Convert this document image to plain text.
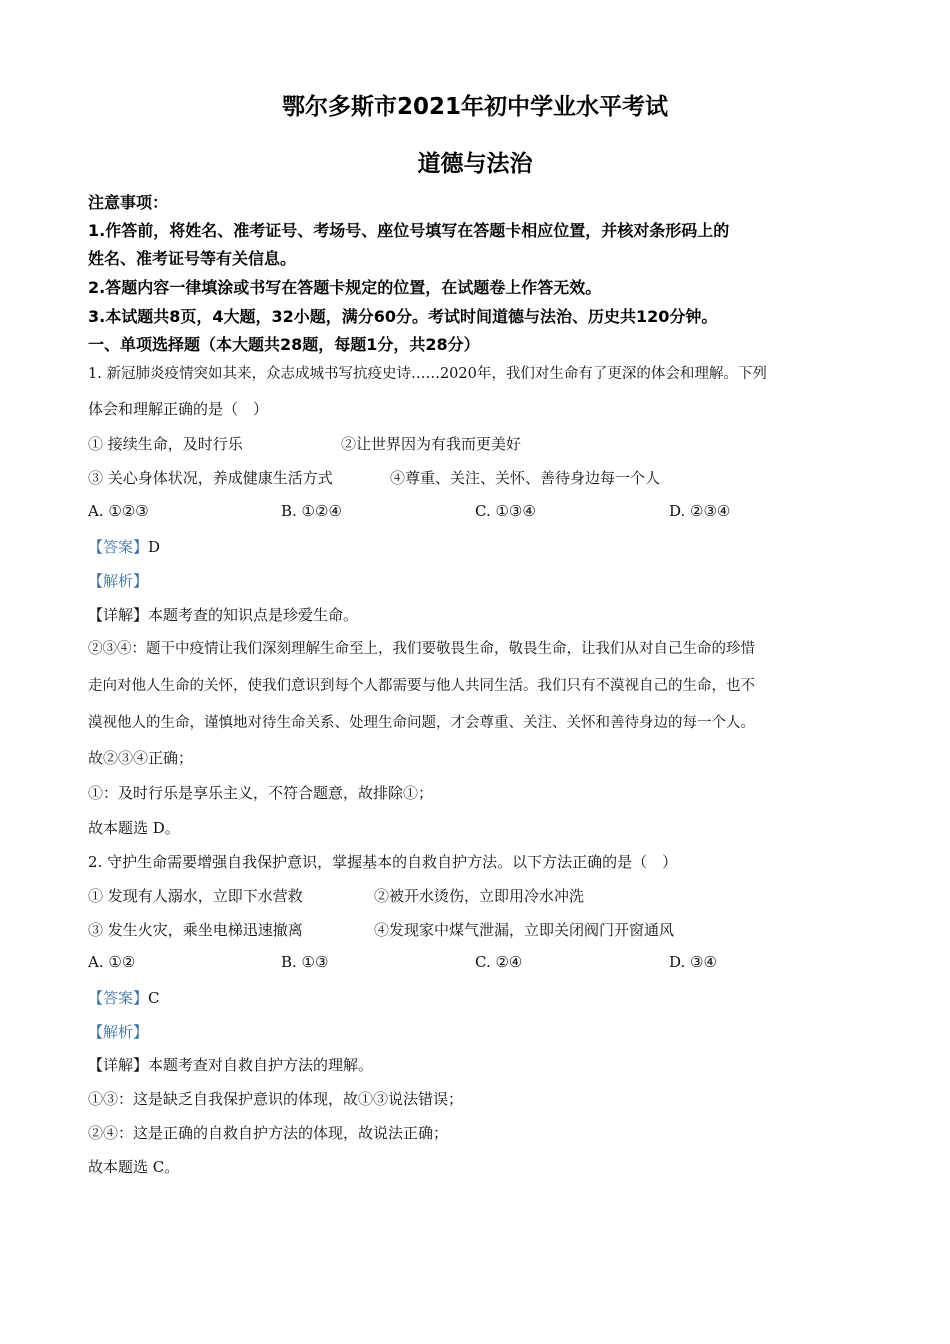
鄂尔多斯市2021年初中学业水平考试
道德与法治
注意事项：
1.作答前，将姓名、准考证号、考场号、座位号填写在答题卡相应位置，并核对条形码上的
姓名、准考证号等有关信息。
2.答题内容一律填涂或书写在答题卡规定的位置，在试题卷上作答无效。
3.本试题共8页，4大题，32小题，满分60分。考试时间道德与法治、历史共120分钟。
一、单项选择题（本大题共28题，每题1分，共28分）
1. 新冠肺炎疫情突如其来，众志成城书写抗疫史诗……2020年，我们对生命有了更深的体会和理解。下列
体会和理解正确的是（　）
① 接续生命，及时行乐	②让世界因为有我而更美好
③ 关心身体状况，养成健康生活方式	④尊重、关注、关怀、善待身边每一个人
A. ①②③	B. ①②④	C. ①③④	D. ②③④
【答案】D
【解析】
【详解】本题考查的知识点是珍爱生命。
②③④：题干中疫情让我们深刻理解生命至上，我们要敬畏生命，敬畏生命，让我们从对自己生命的珍惜
走向对他人生命的关怀，使我们意识到每个人都需要与他人共同生活。我们只有不漠视自己的生命，也不
漠视他人的生命，谨慎地对待生命关系、处理生命问题，才会尊重、关注、关怀和善待身边的每一个人。
故②③④正确；
①：及时行乐是享乐主义，不符合题意，故排除①；
故本题选 D。
2. 守护生命需要增强自我保护意识，掌握基本的自救自护方法。以下方法正确的是（　）
① 发现有人溺水，立即下水营救	②被开水烫伤，立即用冷水冲洗
③ 发生火灾，乘坐电梯迅速撤离	④发现家中煤气泄漏，立即关闭阀门开窗通风
A. ①②	B. ①③	C. ②④	D. ③④
【答案】C
【解析】
【详解】本题考查对自救自护方法的理解。
①③：这是缺乏自我保护意识的体现，故①③说法错误；
②④：这是正确的自救自护方法的体现，故说法正确；
故本题选 C。
